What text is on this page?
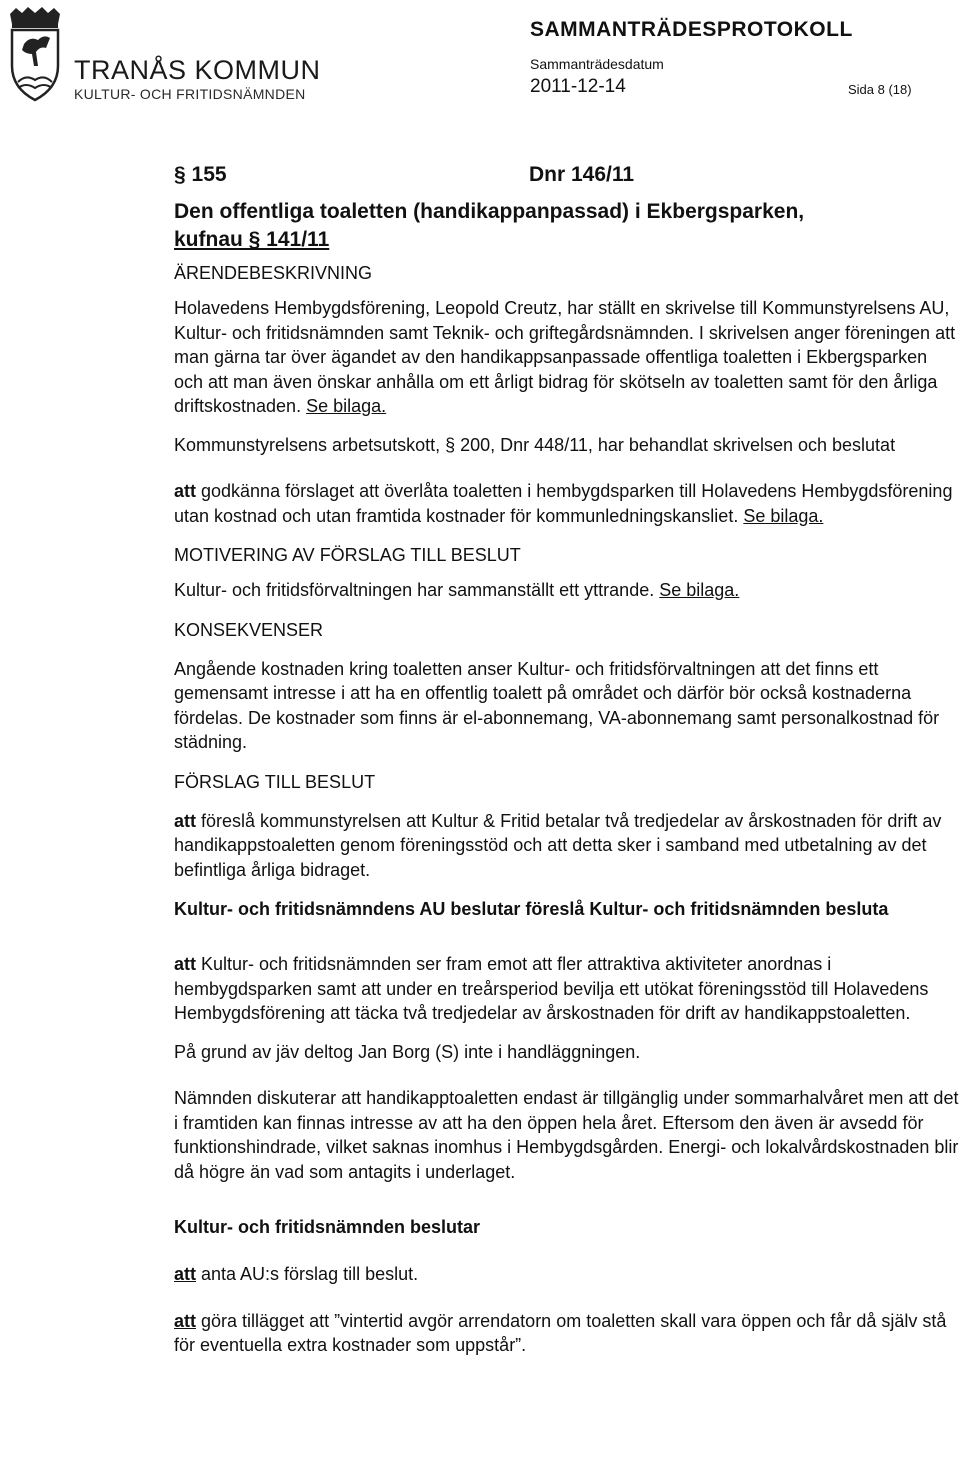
TRANÅS KOMMUN
KULTUR- OCH FRITIDSNÄMNDEN
SAMMANTRÄDESPROTOKOLL
Sammanträdesdatum
2011-12-14	Sida 8 (18)
§ 155	Dnr 146/11
Den offentliga toaletten (handikappanpassad) i Ekbergsparken,
kufnau § 141/11
ÄRENDEBESKRIVNING

Holavedens Hembygdsförening, Leopold Creutz, har ställt en skrivelse till Kommunstyrelsens AU, Kultur- och fritidsnämnden samt Teknik- och griftegårdsnämnden. I skrivelsen anger föreningen att man gärna tar över ägandet av den handikappsanpassade offentliga toaletten i Ekbergsparken och att man även önskar anhålla om ett årligt bidrag för skötseln av toaletten samt för den årliga driftskostnaden. Se bilaga.

Kommunstyrelsens arbetsutskott, § 200, Dnr 448/11, har behandlat skrivelsen och beslutat

att godkänna förslaget att överlåta toaletten i hembygdsparken till Holavedens Hembygdsförening utan kostnad och utan framtida kostnader för kommunledningskansliet. Se bilaga.

MOTIVERING AV FÖRSLAG TILL BESLUT

Kultur- och fritidsförvaltningen har sammanställt ett yttrande. Se bilaga.

KONSEKVENSER

Angående kostnaden kring toaletten anser Kultur- och fritidsförvaltningen att det finns ett gemensamt intresse i att ha en offentlig toalett på området och därför bör också kostnaderna fördelas. De kostnader som finns är el-abonnemang, VA-abonnemang samt personalkostnad för städning.

FÖRSLAG TILL BESLUT

att föreslå kommunstyrelsen att Kultur & Fritid betalar två tredjedelar av årskostnaden för drift av handikappstoaletten genom föreningsstöd och att detta sker i samband med utbetalning av det befintliga årliga bidraget.

Kultur- och fritidsnämndens AU beslutar föreslå Kultur- och fritidsnämnden besluta

att Kultur- och fritidsnämnden ser fram emot att fler attraktiva aktiviteter anordnas i hembygdsparken samt att under en treårsperiod bevilja ett utökat föreningsstöd till Holavedens Hembygdsförening att täcka två tredjedelar av årskostnaden för drift av handikappstoaletten.

På grund av jäv deltog Jan Borg (S) inte i handläggningen.

Nämnden diskuterar att handikapptoaletten endast är tillgänglig under sommarhalvåret men att det i framtiden kan finnas intresse av att ha den öppen hela året. Eftersom den även är avsedd för funktionshindrade, vilket saknas inomhus i Hembygdsgården. Energi- och lokalvårdskostnaden blir då högre än vad som antagits i underlaget.

Kultur- och fritidsnämnden beslutar

att anta AU:s förslag till beslut.

att göra tillägget att ”vintertid avgör arrendatorn om toaletten skall vara öppen och får då själv stå för eventuella extra kostnader som uppstår”.
